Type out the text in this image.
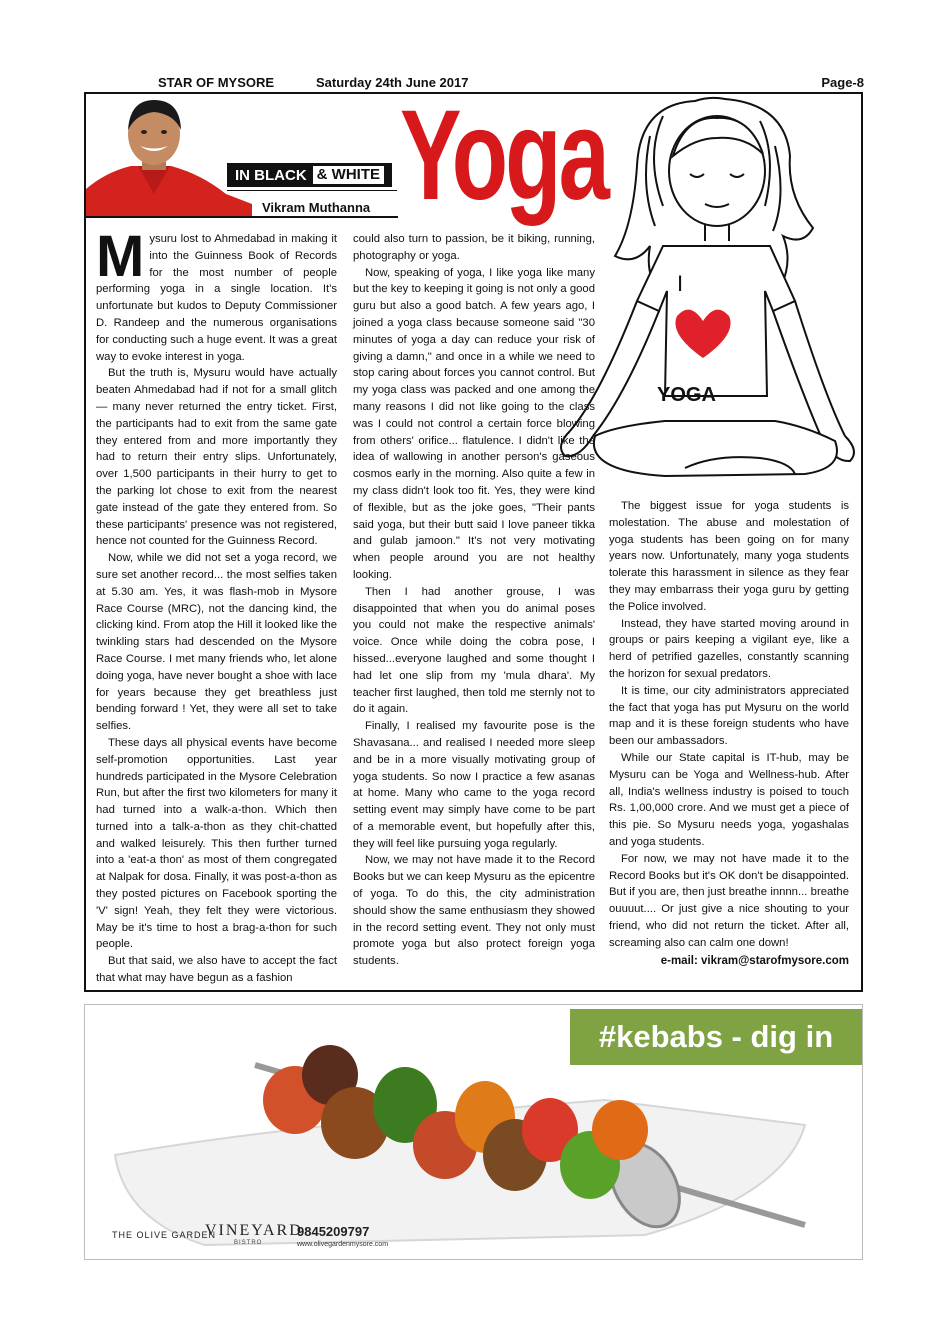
STAR OF MYSORE	Saturday 24th June 2017	Page-8
IN BLACK & WHITE
Vikram Muthanna Yoga
I
YOGA

Mysuru lost to Ahmedabad in making it into the Guinness Book of Records for the most number of people performing yoga in a single location. It's unfortunate but kudos to Deputy Commissioner D. Randeep and the numerous organisations for conducting such a huge event. It was a great way to evoke interest in yoga.

But the truth is, Mysuru would have actually beaten Ahmedabad had if not for a small glitch — many never returned the entry ticket. First, the participants had to exit from the same gate they entered from and more importantly they had to return their entry slips. Unfortunately, over 1,500 participants in their hurry to get to the parking lot chose to exit from the nearest gate instead of the gate they entered from. So these participants' presence was not registered, hence not counted for the Guinness Record.

Now, while we did not set a yoga record, we sure set another record... the most selfies taken at 5.30 am. Yes, it was flash-mob in Mysore Race Course (MRC), not the dancing kind, the clicking kind. From atop the Hill it looked like the twinkling stars had descended on the Mysore Race Course. I met many friends who, let alone doing yoga, have never bought a shoe with lace for years because they get breathless just bending forward ! Yet, they were all set to take selfies.

These days all physical events have become self-promotion opportunities. Last year hundreds participated in the Mysore Celebration Run, but after the first two kilometers for many it had turned into a walk-a-thon. Which then turned into a talk-a-thon as they chit-chatted and walked leisurely. This then further turned into a 'eat-a thon' as most of them congregated at Nalpak for dosa. Finally, it was post-a-thon as they posted pictures on Facebook sporting the 'V' sign! Yeah, they felt they were victorious. May be it's time to host a brag-a-thon for such people.

But that said, we also have to accept the fact that what may have begun as a fashion

could also turn to passion, be it biking, running, photography or yoga.

Now, speaking of yoga, I like yoga like many but the key to keeping it going is not only a good guru but also a good batch. A few years ago, I joined a yoga class because someone said "30 minutes of yoga a day can reduce your risk of giving a damn," and once in a while we need to stop caring about forces you cannot control. But my yoga class was packed and one among the many reasons I did not like going to the class was I could not control a certain force blowing from others' orifice... flatulence. I didn't like the idea of wallowing in another person's gaseous cosmos early in the morning. Also quite a few in my class didn't look too fit. Yes, they were kind of flexible, but as the joke goes, "Their pants said yoga, but their butt said I love paneer tikka and gulab jamoon." It's not very motivating when people around you are not healthy looking.

Then I had another grouse, I was disappointed that when you do animal poses you could not make the respective animals' voice. Once while doing the cobra pose, I hissed...everyone laughed and some thought I had let one slip from my 'mula dhara'. My teacher first laughed, then told me sternly not to do it again.

Finally, I realised my favourite pose is the Shavasana... and realised I needed more sleep and be in a more visually motivating group of yoga students. So now I practice a few asanas at home. Many who came to the yoga record setting event may simply have come to be part of a memorable event, but hopefully after this, they will feel like pursuing yoga regularly.

Now, we may not have made it to the Record Books but we can keep Mysuru as the epicentre of yoga. To do this, the city administration should show the same enthusiasm they showed in the record setting event. They not only must promote yoga but also protect foreign yoga students.

The biggest issue for yoga students is molestation. The abuse and molestation of yoga students has been going on for many years now. Unfortunately, many yoga students tolerate this harassment in silence as they fear they may embarrass their yoga guru by getting the Police involved.

Instead, they have started moving around in groups or pairs keeping a vigilant eye, like a herd of petrified gazelles, constantly scanning the horizon for sexual predators.

It is time, our city administrators appreciated the fact that yoga has put Mysuru on the world map and it is these foreign students who have been our ambassadors.

While our State capital is IT-hub, may be Mysuru can be Yoga and Wellness-hub. After all, India's wellness industry is poised to touch Rs. 1,00,000 crore. And we must get a piece of this pie. So Mysuru needs yoga, yogashalas and yoga students.

For now, we may not have made it to the Record Books but it's OK don't be disappointed. But if you are, then just breathe innnn... breathe ouuuut.... Or just give a nice shouting to your friend, who did not return the ticket. After all, screaming also can calm one down!

e-mail: vikram@starofmysore.com

#kebabs - dig in
THE OLIVE GARDEN
VINEYARD
BISTRO
9845209797
www.olivegardenmysore.com
